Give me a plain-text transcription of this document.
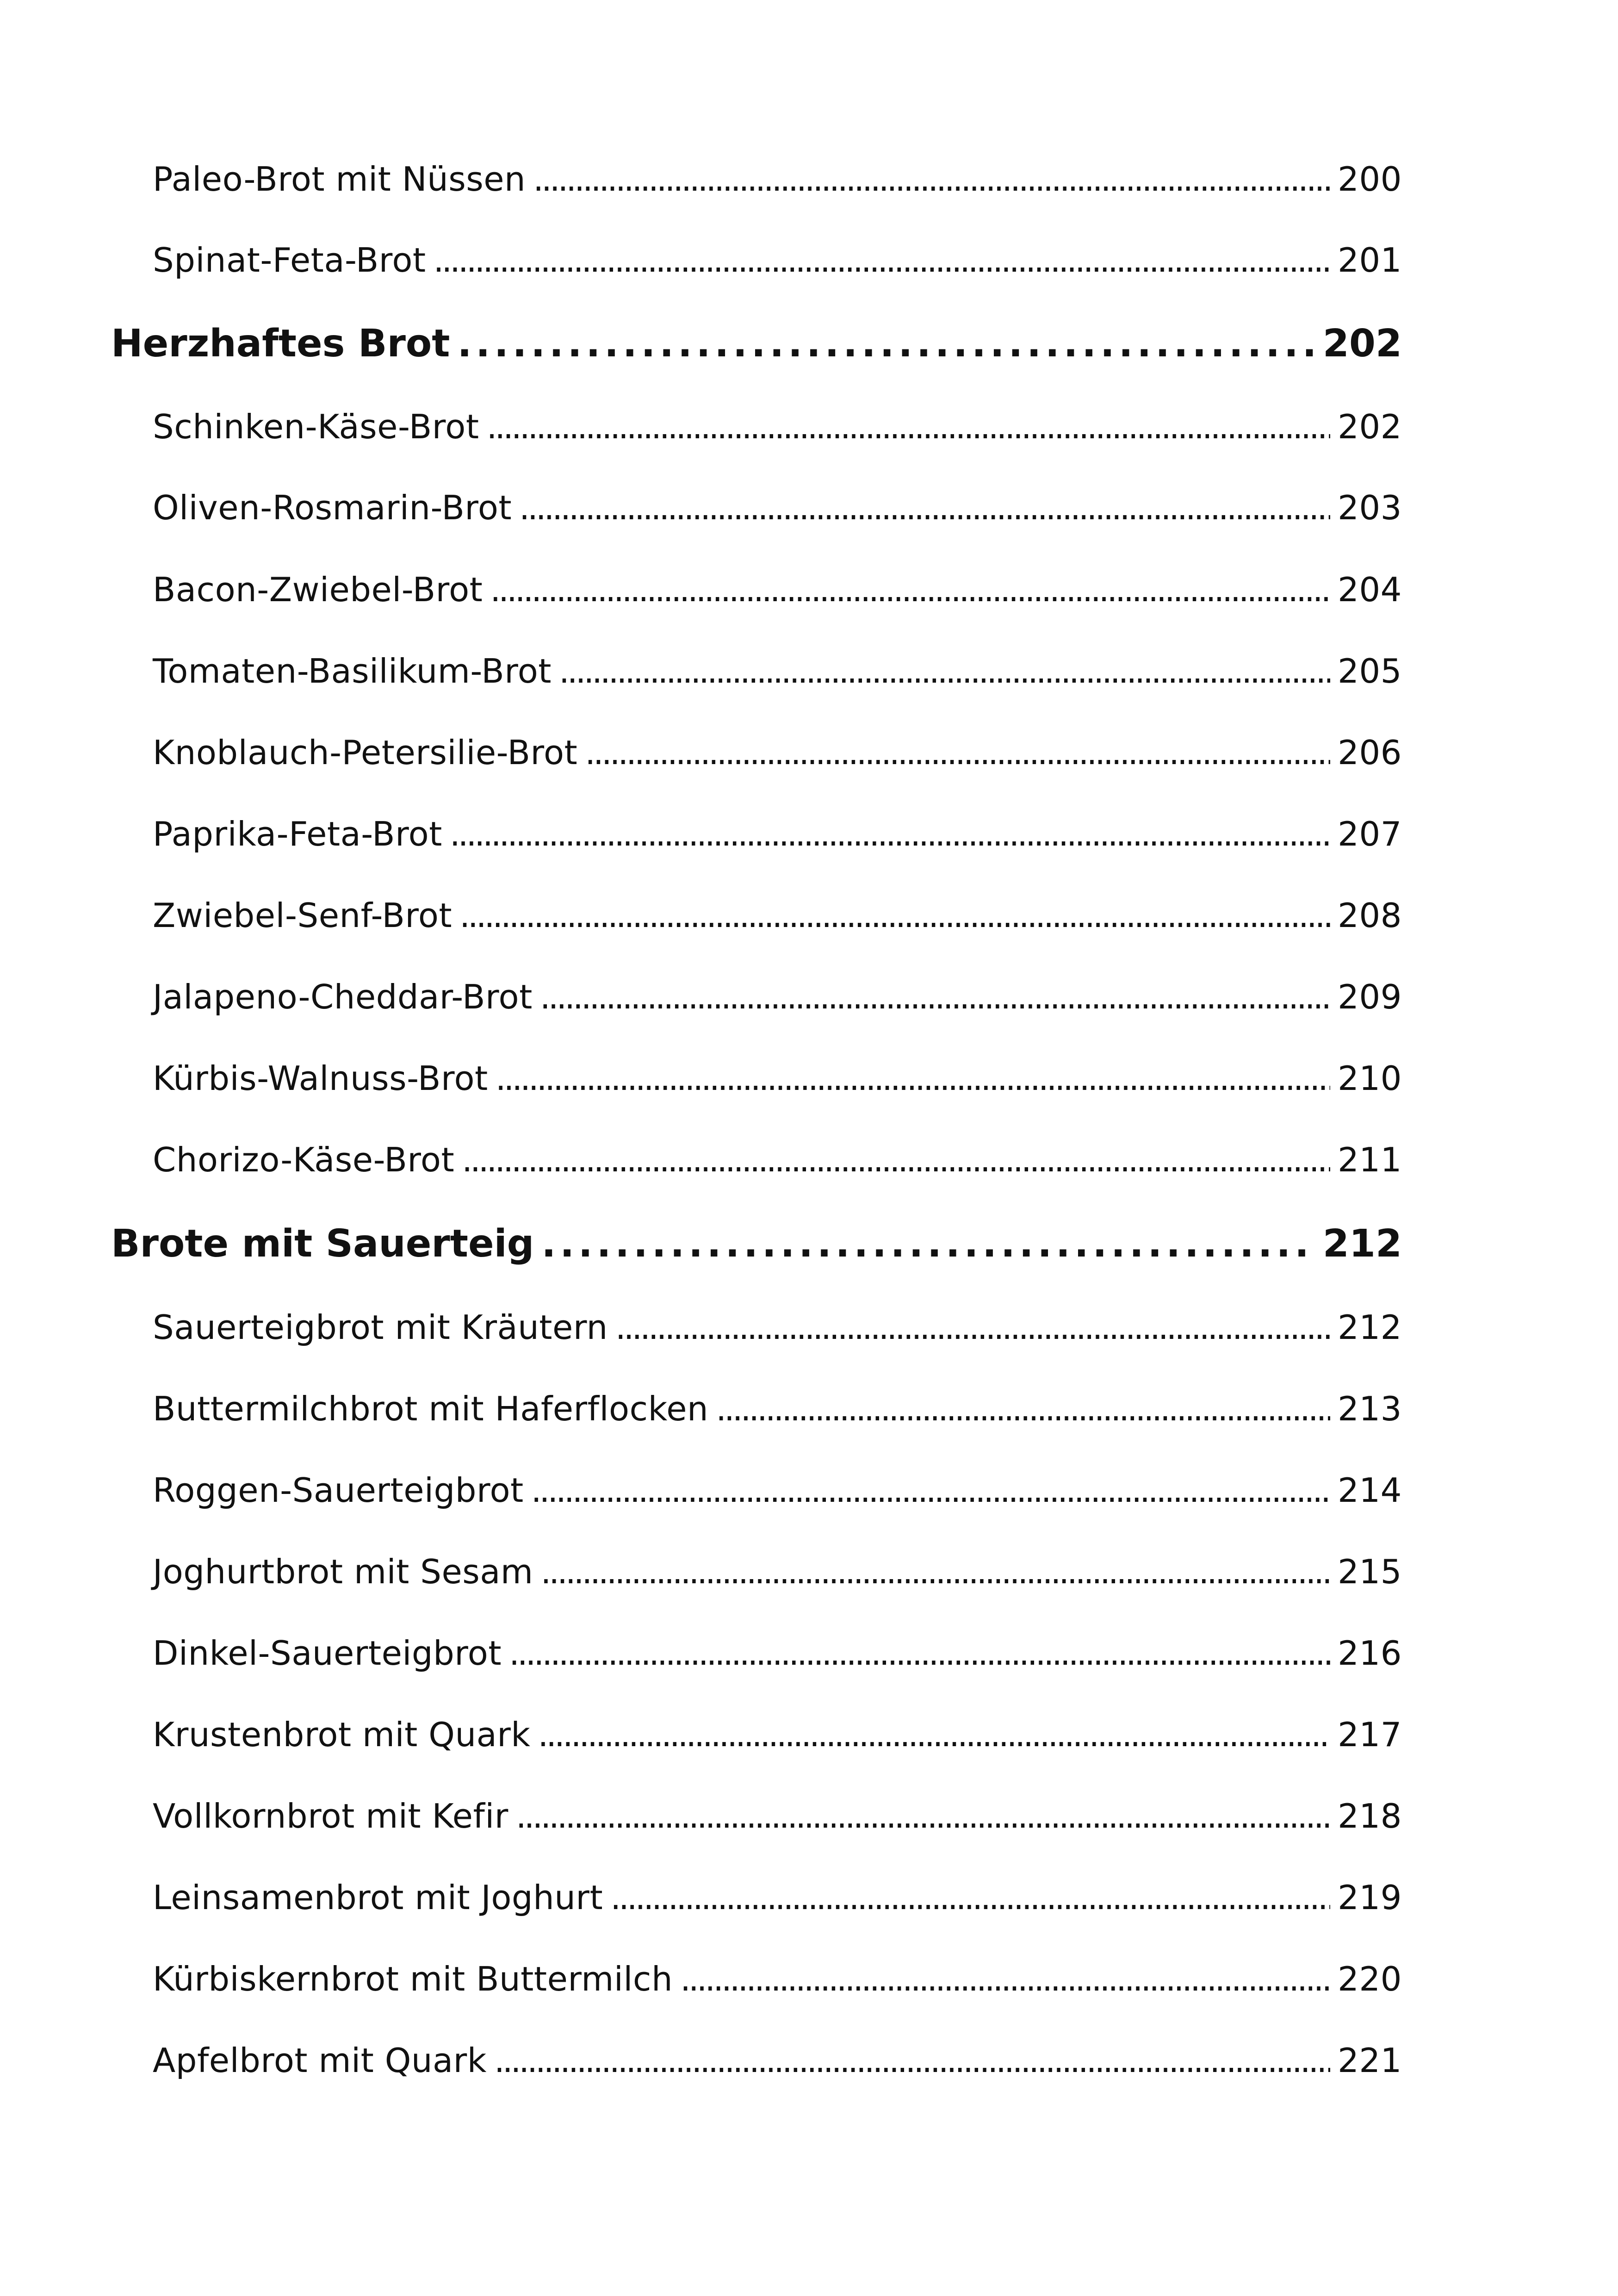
Paleo-Brot mit Nüssen . . .	200
Spinat-Feta-Brot . . .	201
Herzhaftes Brot . . .	202
Schinken-Käse-Brot . . .	202
Oliven-Rosmarin-Brot . . .	203
Bacon-Zwiebel-Brot . . .	204
Tomaten-Basilikum-Brot . . .	205
Knoblauch-Petersilie-Brot . . .	206
Paprika-Feta-Brot . . .	207
Zwiebel-Senf-Brot . . .	208
Jalapeno-Cheddar-Brot . . .	209
Kürbis-Walnuss-Brot . . .	210
Chorizo-Käse-Brot . . .	211
Brote mit Sauerteig . . .	212
Sauerteigbrot mit Kräutern . . .	212
Buttermilchbrot mit Haferflocken . . .	213
Roggen-Sauerteigbrot . . .	214
Joghurtbrot mit Sesam . . .	215
Dinkel-Sauerteigbrot . . .	216
Krustenbrot mit Quark . . .	217
Vollkornbrot mit Kefir . . .	218
Leinsamenbrot mit Joghurt . . .	219
Kürbiskernbrot mit Buttermilch . . .	220
Apfelbrot mit Quark . . .	221
